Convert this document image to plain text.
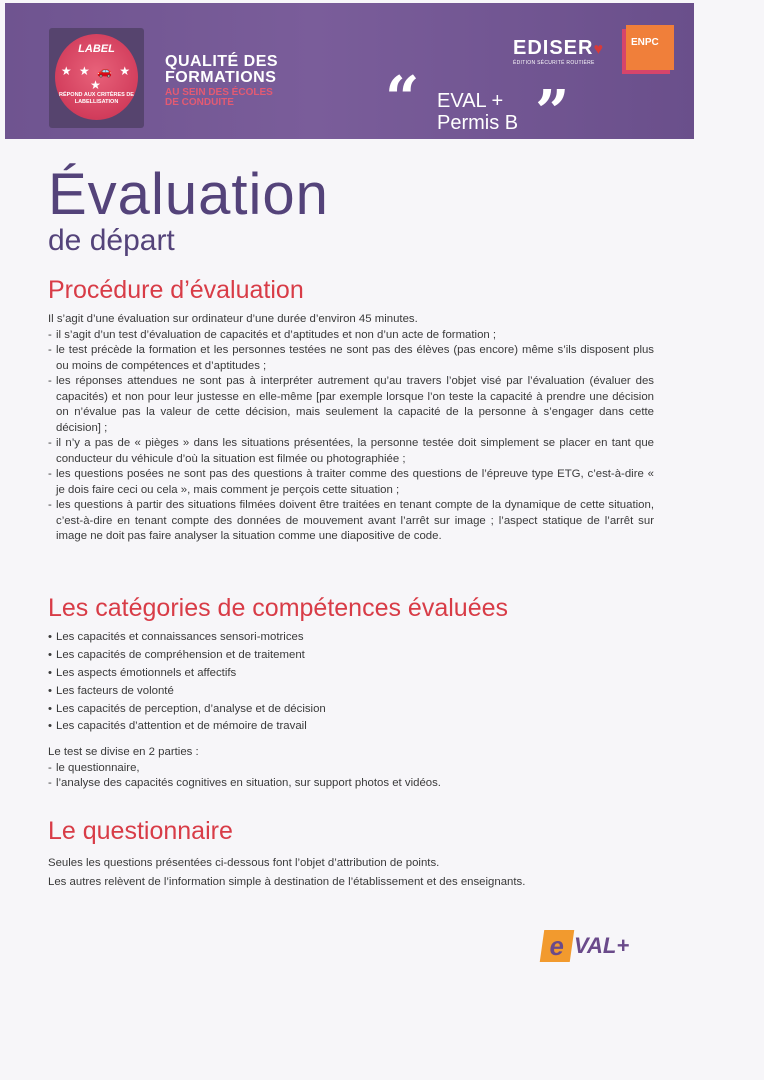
LABEL
★ ★ 🚗 ★ ★
RÉPOND AUX CRITÈRES DE LABELLISATION
QUALITÉ DES
FORMATIONS
AU SEIN DES ÉCOLES
DE CONDUITE
EDISER♥
ÉDITION SÉCURITÉ ROUTIÈRE
ENPC
“ EVAL +
Permis B ”
Évaluation
de départ
Procédure d’évaluation
Il s’agit d’une évaluation sur ordinateur d’une durée d’environ 45 minutes.
- il s’agit d’un test d’évaluation de capacités et d’aptitudes et non d’un acte de formation ;
- le test précède la formation et les personnes testées ne sont pas des élèves (pas encore) même s’ils disposent plus ou moins de compétences et d’aptitudes ;
- les réponses attendues ne sont pas à interpréter autrement qu’au travers l’objet visé par l’évaluation (évaluer des capacités) et non pour leur justesse en elle-même [par exemple lorsque l’on teste la capacité à prendre une décision on n’évalue pas la valeur de cette décision, mais seulement la capacité de la personne à s’engager dans cette décision] ;
- il n’y a pas de « pièges » dans les situations présentées, la personne testée doit simplement se placer en tant que conducteur du véhicule d’où la situation est filmée ou photographiée ;
- les questions posées ne sont pas des questions à traiter comme des questions de l’épreuve type ETG, c’est-à-dire « je dois faire ceci ou cela », mais comment je perçois cette situation ;
- les questions à partir des situations filmées doivent être traitées en tenant compte de la dynamique de cette situation, c’est-à-dire en tenant compte des données de mouvement avant l’arrêt sur image ; l’aspect statique de l’arrêt sur image ne doit pas faire analyser la situation comme une diapositive de code.
Les catégories de compétences évaluées
• Les capacités et connaissances sensori-motrices
• Les capacités de compréhension et de traitement
• Les aspects émotionnels et affectifs
• Les facteurs de volonté
• Les capacités de perception, d’analyse et de décision
• Les capacités d’attention et de mémoire de travail
Le test se divise en 2 parties :
- le questionnaire,
- l’analyse des capacités cognitives en situation, sur support photos et vidéos.
Le questionnaire
Seules les questions présentées ci-dessous font l’objet d’attribution de points.
Les autres relèvent de l’information simple à destination de l’établissement et des enseignants.
e VAL+
